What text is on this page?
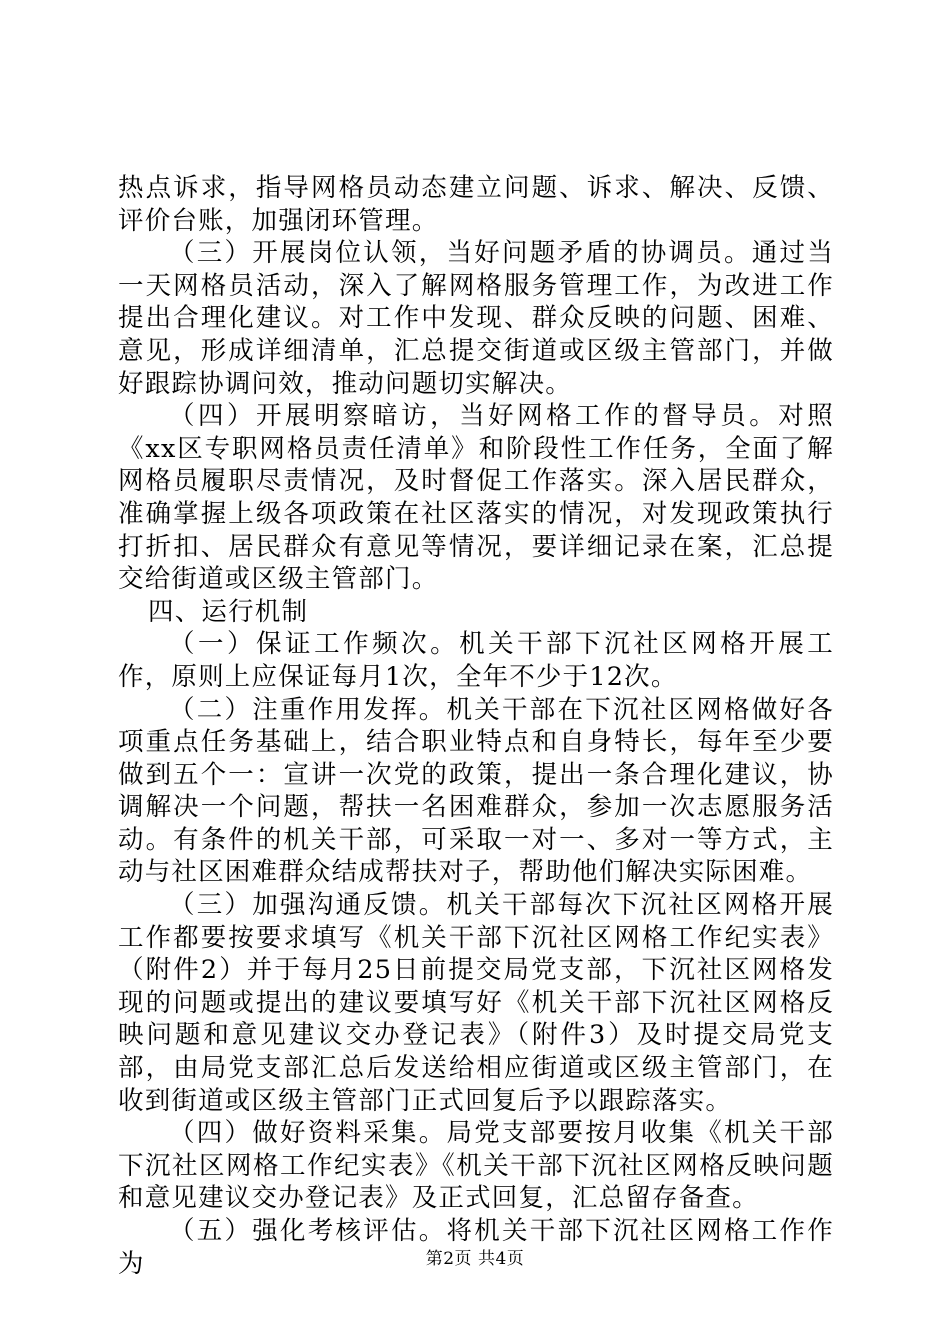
热点诉求，指导网格员动态建立问题、诉求、解决、反馈、评价台账，加强闭环管理。

（三）开展岗位认领，当好问题矛盾的协调员。通过当一天网格员活动，深入了解网格服务管理工作，为改进工作提出合理化建议。对工作中发现、群众反映的问题、困难、意见，形成详细清单，汇总提交街道或区级主管部门，并做好跟踪协调问效，推动问题切实解决。

（四）开展明察暗访，当好网格工作的督导员。对照《xx区专职网格员责任清单》和阶段性工作任务，全面了解网格员履职尽责情况，及时督促工作落实。深入居民群众，准确掌握上级各项政策在社区落实的情况，对发现政策执行打折扣、居民群众有意见等情况，要详细记录在案，汇总提交给街道或区级主管部门。

四、运行机制

（一）保证工作频次。机关干部下沉社区网格开展工作，原则上应保证每月1次，全年不少于12次。

（二）注重作用发挥。机关干部在下沉社区网格做好各项重点任务基础上，结合职业特点和自身特长，每年至少要做到五个一：宣讲一次党的政策，提出一条合理化建议，协调解决一个问题，帮扶一名困难群众，参加一次志愿服务活动。有条件的机关干部，可采取一对一、多对一等方式，主动与社区困难群众结成帮扶对子，帮助他们解决实际困难。

（三）加强沟通反馈。机关干部每次下沉社区网格开展工作都要按要求填写《机关干部下沉社区网格工作纪实表》（附件2）并于每月25日前提交局党支部，下沉社区网格发现的问题或提出的建议要填写好《机关干部下沉社区网格反映问题和意见建议交办登记表》（附件3）及时提交局党支部，由局党支部汇总后发送给相应街道或区级主管部门，在收到街道或区级主管部门正式回复后予以跟踪落实。

（四）做好资料采集。局党支部要按月收集《机关干部下沉社区网格工作纪实表》《机关干部下沉社区网格反映问题和意见建议交办登记表》及正式回复，汇总留存备查。

（五）强化考核评估。将机关干部下沉社区网格工作作为	第2页 共4页
